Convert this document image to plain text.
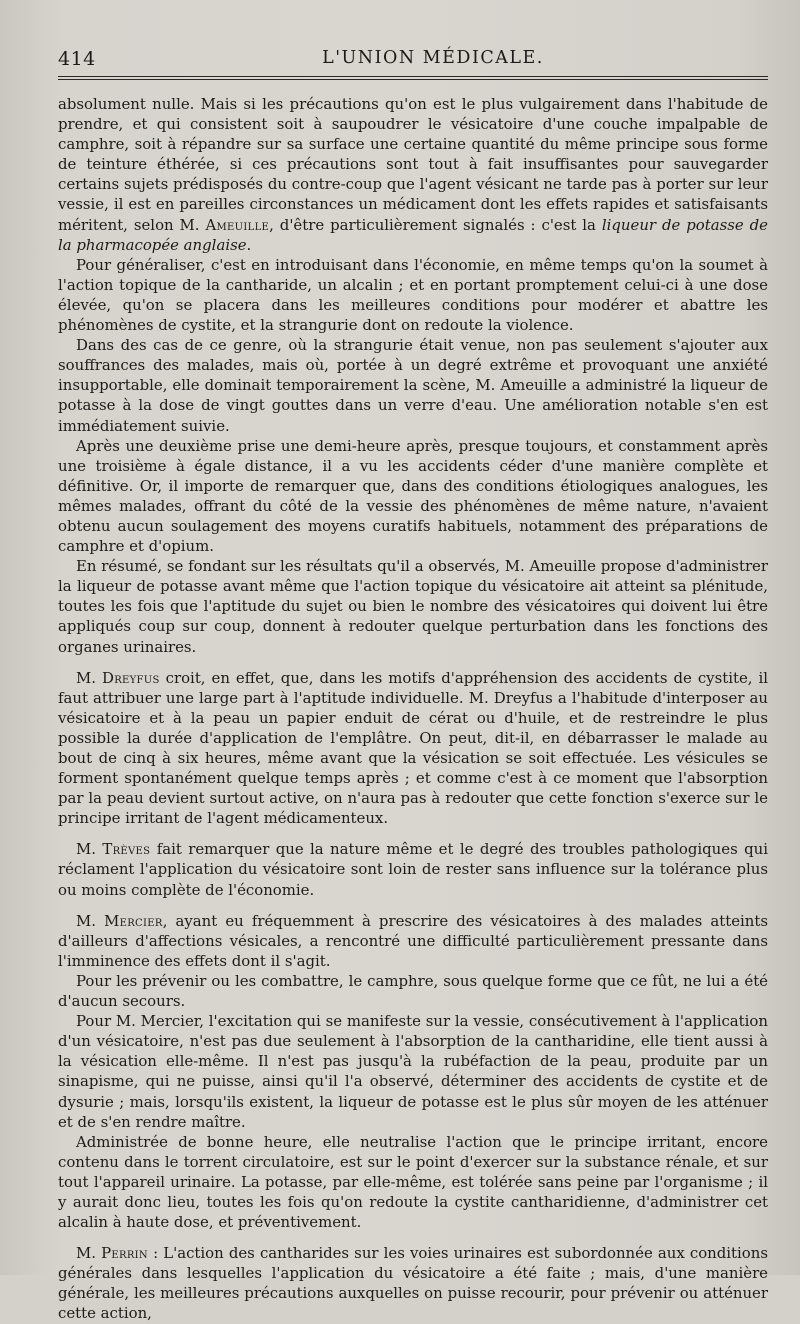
414	L'UNION MÉDICALE.

absolument nulle. Mais si les précautions qu'on est le plus vulgairement dans l'habitude de prendre, et qui consistent soit à saupoudrer le vésicatoire d'une couche impalpable de camphre, soit à répandre sur sa surface une certaine quantité du même principe sous forme de teinture éthérée, si ces précautions sont tout à fait insuffisantes pour sauvegarder certains sujets prédisposés du contre-coup que l'agent vésicant ne tarde pas à porter sur leur vessie, il est en pareilles circonstances un médicament dont les effets rapides et satisfaisants méritent, selon M. Ameuille, d'être particulièrement signalés : c'est la liqueur de potasse de la pharmacopée anglaise.

Pour généraliser, c'est en introduisant dans l'économie, en même temps qu'on la soumet à l'action topique de la cantharide, un alcalin ; et en portant promptement celui-ci à une dose élevée, qu'on se placera dans les meilleures conditions pour modérer et abattre les phénomènes de cystite, et la strangurie dont on redoute la violence.

Dans des cas de ce genre, où la strangurie était venue, non pas seulement s'ajouter aux souffrances des malades, mais où, portée à un degré extrême et provoquant une anxiété insupportable, elle dominait temporairement la scène, M. Ameuille a administré la liqueur de potasse à la dose de vingt gouttes dans un verre d'eau. Une amélioration notable s'en est immédiatement suivie.

Après une deuxième prise une demi-heure après, presque toujours, et constamment après une troisième à égale distance, il a vu les accidents céder d'une manière complète et définitive. Or, il importe de remarquer que, dans des conditions étiologiques analogues, les mêmes malades, offrant du côté de la vessie des phénomènes de même nature, n'avaient obtenu aucun soulagement des moyens curatifs habituels, notamment des préparations de camphre et d'opium.

En résumé, se fondant sur les résultats qu'il a observés, M. Ameuille propose d'administrer la liqueur de potasse avant même que l'action topique du vésicatoire ait atteint sa plénitude, toutes les fois que l'aptitude du sujet ou bien le nombre des vésicatoires qui doivent lui être appliqués coup sur coup, donnent à redouter quelque perturbation dans les fonctions des organes urinaires.

M. Dreyfus croit, en effet, que, dans les motifs d'appréhension des accidents de cystite, il faut attribuer une large part à l'aptitude individuelle. M. Dreyfus a l'habitude d'interposer au vésicatoire et à la peau un papier enduit de cérat ou d'huile, et de restreindre le plus possible la durée d'application de l'emplâtre. On peut, dit-il, en débarrasser le malade au bout de cinq à six heures, même avant que la vésication se soit effectuée. Les vésicules se forment spontanément quelque temps après ; et comme c'est à ce moment que l'absorption par la peau devient surtout active, on n'aura pas à redouter que cette fonction s'exerce sur le principe irritant de l'agent médicamenteux.

M. Trèves fait remarquer que la nature même et le degré des troubles pathologiques qui réclament l'application du vésicatoire sont loin de rester sans influence sur la tolérance plus ou moins complète de l'économie.

M. Mercier, ayant eu fréquemment à prescrire des vésicatoires à des malades atteints d'ailleurs d'affections vésicales, a rencontré une difficulté particulièrement pressante dans l'imminence des effets dont il s'agit.

Pour les prévenir ou les combattre, le camphre, sous quelque forme que ce fût, ne lui a été d'aucun secours.

Pour M. Mercier, l'excitation qui se manifeste sur la vessie, consécutivement à l'application d'un vésicatoire, n'est pas due seulement à l'absorption de la cantharidine, elle tient aussi à la vésication elle-même. Il n'est pas jusqu'à la rubéfaction de la peau, produite par un sinapisme, qui ne puisse, ainsi qu'il l'a observé, déterminer des accidents de cystite et de dysurie ; mais, lorsqu'ils existent, la liqueur de potasse est le plus sûr moyen de les atténuer et de s'en rendre maître.

Administrée de bonne heure, elle neutralise l'action que le principe irritant, encore contenu dans le torrent circulatoire, est sur le point d'exercer sur la substance rénale, et sur tout l'appareil urinaire. La potasse, par elle-même, est tolérée sans peine par l'organisme ; il y aurait donc lieu, toutes les fois qu'on redoute la cystite cantharidienne, d'administrer cet alcalin à haute dose, et préventivement.

M. Perrin : L'action des cantharides sur les voies urinaires est subordonnée aux conditions générales dans lesquelles l'application du vésicatoire a été faite ; mais, d'une manière générale, les meilleures précautions auxquelles on puisse recourir, pour prévenir ou atténuer cette action,
